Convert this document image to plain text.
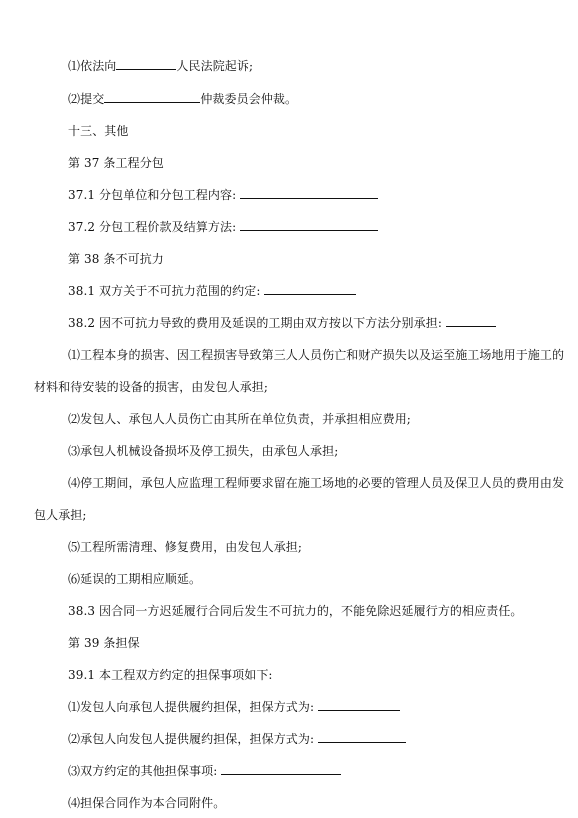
⑴依法向	人民法院起诉;
⑵提交	仲裁委员会仲裁。
十三、其他
第 37 条工程分包
37.1 分包单位和分包工程内容:
37.2 分包工程价款及结算方法:
第 38 条不可抗力
38.1 双方关于不可抗力范围的约定:
38.2 因不可抗力导致的费用及延误的工期由双方按以下方法分别承担:
⑴工程本身的损害、因工程损害导致第三人人员伤亡和财产损失以及运至施工场地用于施工的
材料和待安装的设备的损害，由发包人承担;
⑵发包人、承包人人员伤亡由其所在单位负责，并承担相应费用;
⑶承包人机械设备损坏及停工损失，由承包人承担;
⑷停工期间，承包人应监理工程师要求留在施工场地的必要的管理人员及保卫人员的费用由发
包人承担;
⑸工程所需清理、修复费用，由发包人承担;
⑹延误的工期相应顺延。
38.3 因合同一方迟延履行合同后发生不可抗力的，不能免除迟延履行方的相应责任。
第 39 条担保
39.1 本工程双方约定的担保事项如下:
⑴发包人向承包人提供履约担保，担保方式为:
⑵承包人向发包人提供履约担保，担保方式为:
⑶双方约定的其他担保事项:
⑷担保合同作为本合同附件。
